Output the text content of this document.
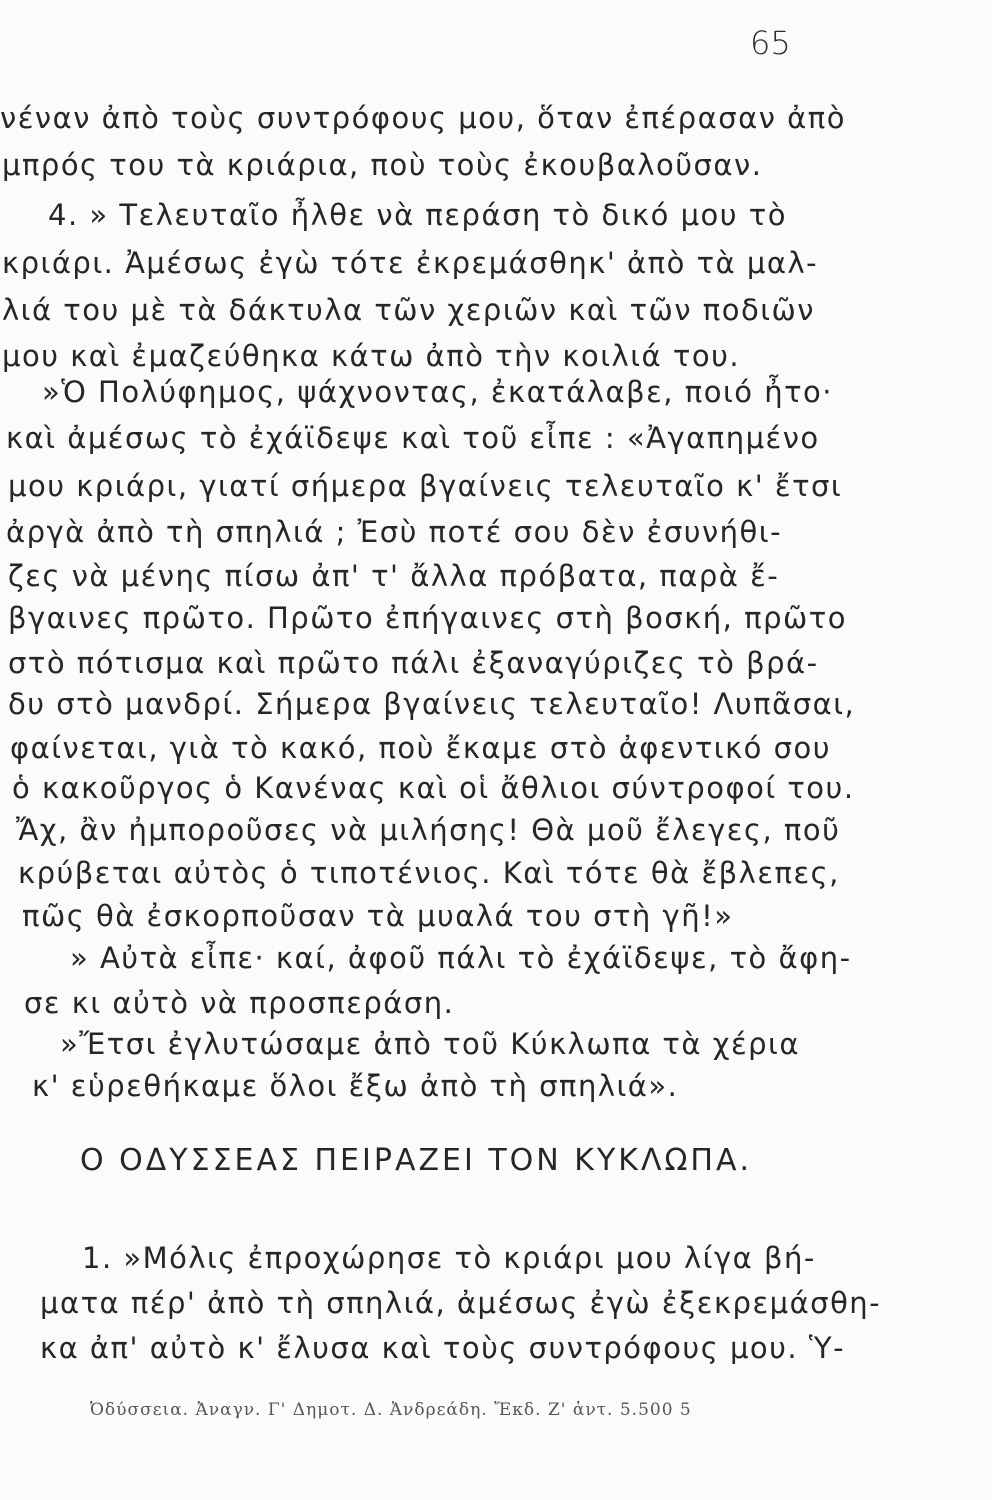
65
νέναν ἀπὸ τοὺς συντρόφους μου, ὅταν ἐπέρασαν ἀπὸ
μπρός του τὰ κριάρια, ποὺ τοὺς ἐκουβαλοῦσαν.
4. » Τελευταῖο ἦλθε νὰ περάση τὸ δικό μου τὸ
κριάρι. Ἀμέσως ἐγὼ τότε ἐκρεμάσθηκ' ἀπὸ τὰ μαλ-
λιά του μὲ τὰ δάκτυλα τῶν χεριῶν καὶ τῶν ποδιῶν
μου καὶ ἐμαζεύθηκα κάτω ἀπὸ τὴν κοιλιά του.
»Ὁ Πολύφημος, ψάχνοντας, ἐκατάλαβε, ποιό ἦτο·
καὶ ἀμέσως τὸ ἐχάϊδεψε καὶ τοῦ εἶπε : «Ἀγαπημένο
μου κριάρι, γιατί σήμερα βγαίνεις τελευταῖο κ' ἔτσι
ἀργὰ ἀπὸ τὴ σπηλιά ; Ἐσὺ ποτέ σου δὲν ἐσυνήθι-
ζες νὰ μένης πίσω ἀπ' τ' ἄλλα πρόβατα, παρὰ ἔ-
βγαινες πρῶτο. Πρῶτο ἐπήγαινες στὴ βοσκή, πρῶτο
στὸ πότισμα καὶ πρῶτο πάλι ἐξαναγύριζες τὸ βρά-
δυ στὸ μανδρί. Σήμερα βγαίνεις τελευταῖο! Λυπᾶσαι,
φαίνεται, γιὰ τὸ κακό, ποὺ ἔκαμε στὸ ἀφεντικό σου
ὁ κακοῦργος ὁ Κανένας καὶ οἱ ἄθλιοι σύντροφοί του.
Ἄχ, ἂν ἠμποροῦσες νὰ μιλήσης! Θὰ μοῦ ἔλεγες, ποῦ
κρύβεται αὐτὸς ὁ τιποτένιος. Καὶ τότε θὰ ἔβλεπες,
πῶς θὰ ἐσκορποῦσαν τὰ μυαλά του στὴ γῆ!»
» Αὐτὰ εἶπε· καί, ἀφοῦ πάλι τὸ ἐχάϊδεψε, τὸ ἄφη-
σε κι αὐτὸ νὰ προσπεράση.
»Ἔτσι ἐγλυτώσαμε ἀπὸ τοῦ Κύκλωπα τὰ χέρια
κ' εὑρεθήκαμε ὅλοι ἔξω ἀπὸ τὴ σπηλιά».
Ο ΟΔΥΣΣΕΑΣ ΠΕΙΡΑΖΕΙ ΤΟΝ ΚΥΚΛΩΠΑ.
1. »Μόλις ἐπροχώρησε τὸ κριάρι μου λίγα βή-
ματα πέρ' ἀπὸ τὴ σπηλιά, ἀμέσως ἐγὼ ἐξεκρεμάσθη-
κα ἀπ' αὐτὸ κ' ἔλυσα καὶ τοὺς συντρόφους μου. Ὑ-
Ὀδύσσεια. Ἀναγν. Γ' Δημοτ. Δ. Ἀνδρεάδη. Ἔκδ. Ζ' ἀντ. 5.500 5
